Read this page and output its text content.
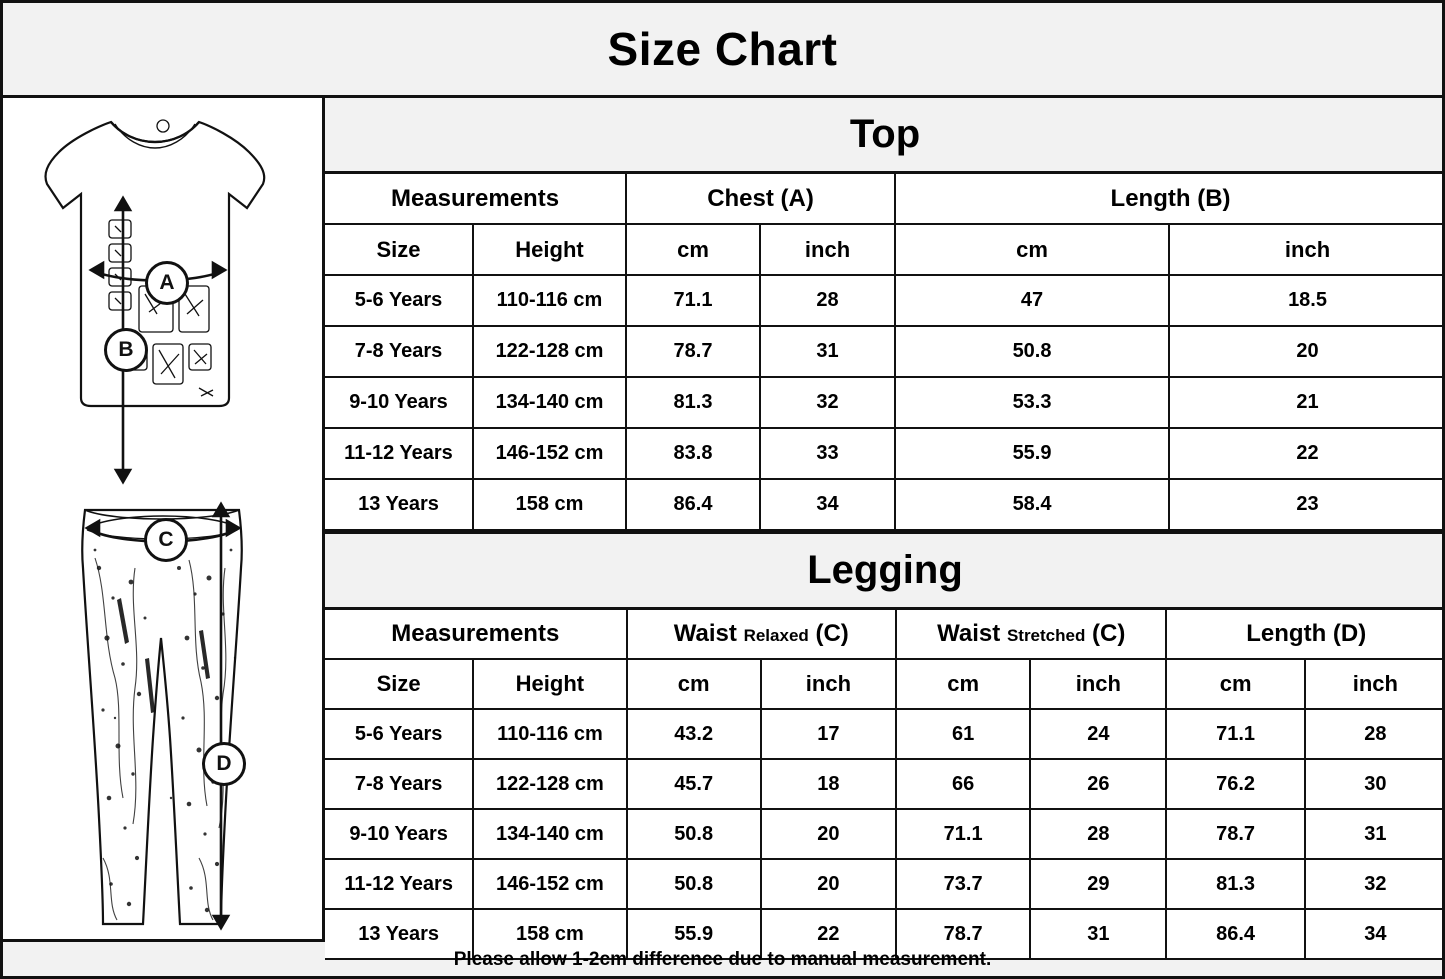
Size Chart
A
B
C
D
Top
Measurements		Chest (A)		Length (B)	
Size	Height	cm	inch	cm	inch
5-6 Years	110-116 cm	71.1	28	47	18.5
7-8 Years	122-128 cm	78.7	31	50.8	20
9-10 Years	134-140 cm	81.3	32	53.3	21
11-12 Years	146-152 cm	83.8	33	55.9	22
13 Years	158 cm	86.4	34	58.4	23
Legging
Measurements		Waist Relaxed (C)		Waist Stretched (C)		Length (D)	
Size	Height	cm	inch	cm	inch	cm	inch
5-6 Years	110-116 cm	43.2	17	61	24	71.1	28
7-8 Years	122-128 cm	45.7	18	66	26	76.2	30
9-10 Years	134-140 cm	50.8	20	71.1	28	78.7	31
11-12 Years	146-152 cm	50.8	20	73.7	29	81.3	32
13 Years	158 cm	55.9	22	78.7	31	86.4	34
Please allow 1-2cm difference due to manual measurement.
